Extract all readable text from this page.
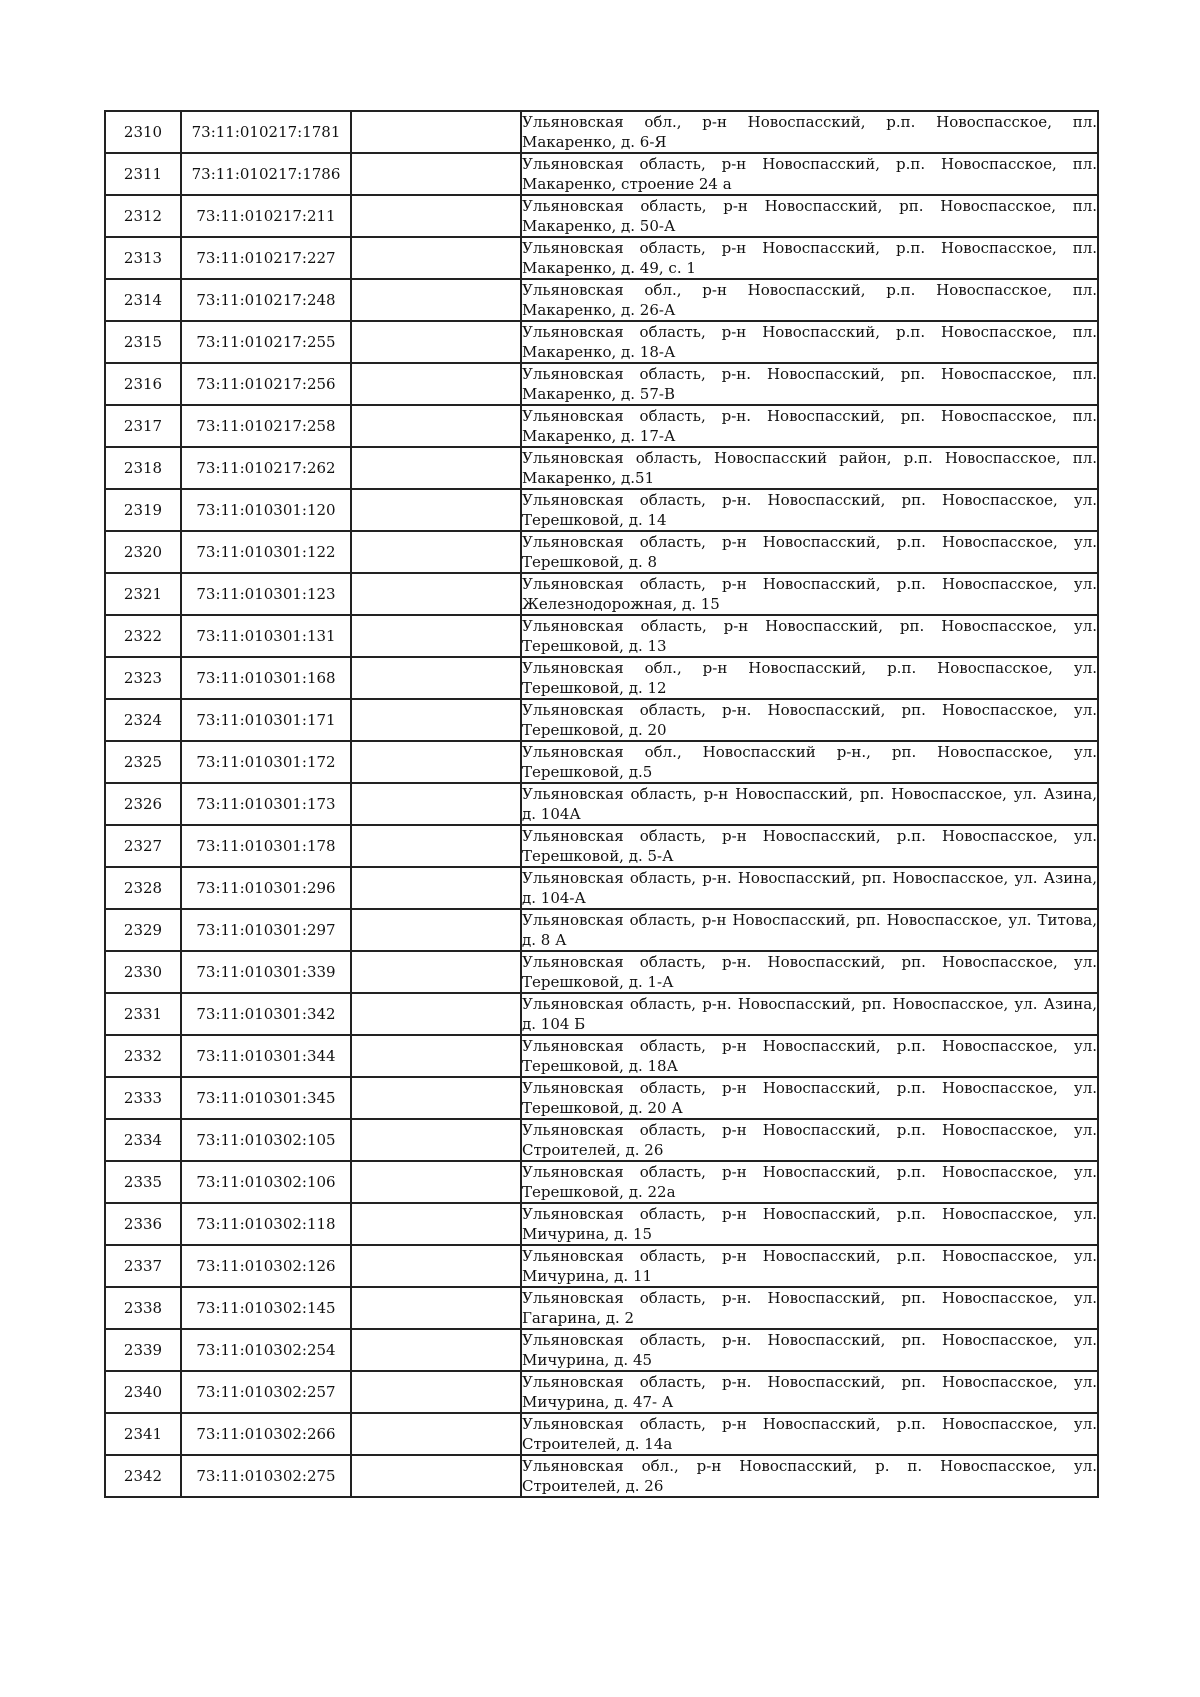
2310	73:11:010217:1781		Ульяновская обл., р-н Новоспасский, р.п. Новоспасское, пл. Макаренко, д. 6-Я
2311	73:11:010217:1786		Ульяновская область, р-н Новоспасский, р.п. Новоспасское, пл. Макаренко, строение 24 а
2312	73:11:010217:211		Ульяновская область, р-н Новоспасский, рп. Новоспасское, пл. Макаренко, д. 50-А
2313	73:11:010217:227		Ульяновская область, р-н Новоспасский, р.п. Новоспасское, пл. Макаренко, д. 49, с. 1
2314	73:11:010217:248		Ульяновская обл., р-н Новоспасский, р.п. Новоспасское, пл. Макаренко, д. 26-А
2315	73:11:010217:255		Ульяновская область, р-н Новоспасский, р.п. Новоспасское, пл. Макаренко, д. 18-А
2316	73:11:010217:256		Ульяновская область, р-н. Новоспасский, рп. Новоспасское, пл. Макаренко, д. 57-В
2317	73:11:010217:258		Ульяновская область, р-н. Новоспасский, рп. Новоспасское, пл. Макаренко, д. 17-А
2318	73:11:010217:262		Ульяновская область, Новоспасский район, р.п. Новоспасское, пл. Макаренко, д.51
2319	73:11:010301:120		Ульяновская область, р-н. Новоспасский, рп. Новоспасское, ул. Терешковой, д. 14
2320	73:11:010301:122		Ульяновская область, р-н Новоспасский, р.п. Новоспасское, ул. Терешковой, д. 8
2321	73:11:010301:123		Ульяновская область, р-н Новоспасский, р.п. Новоспасское, ул. Железнодорожная, д. 15
2322	73:11:010301:131		Ульяновская область, р-н Новоспасский, рп. Новоспасское, ул. Терешковой, д. 13
2323	73:11:010301:168		Ульяновская обл., р-н Новоспасский, р.п. Новоспасское, ул. Терешковой, д. 12
2324	73:11:010301:171		Ульяновская область, р-н. Новоспасский, рп. Новоспасское, ул. Терешковой, д. 20
2325	73:11:010301:172		Ульяновская обл., Новоспасский р-н., рп. Новоспасское, ул. Терешковой, д.5
2326	73:11:010301:173		Ульяновская область, р-н Новоспасский, рп. Новоспасское, ул. Азина, д. 104А
2327	73:11:010301:178		Ульяновская область, р-н Новоспасский, р.п. Новоспасское, ул. Терешковой, д. 5-А
2328	73:11:010301:296		Ульяновская область, р-н. Новоспасский, рп. Новоспасское, ул. Азина, д. 104-А
2329	73:11:010301:297		Ульяновская область, р-н Новоспасский, рп. Новоспасское, ул. Титова, д. 8 А
2330	73:11:010301:339		Ульяновская область, р-н. Новоспасский, рп. Новоспасское, ул. Терешковой, д. 1-А
2331	73:11:010301:342		Ульяновская область, р-н. Новоспасский, рп. Новоспасское, ул. Азина, д. 104 Б
2332	73:11:010301:344		Ульяновская область, р-н Новоспасский, р.п. Новоспасское, ул. Терешковой, д. 18А
2333	73:11:010301:345		Ульяновская область, р-н Новоспасский, р.п. Новоспасское, ул. Терешковой, д. 20 А
2334	73:11:010302:105		Ульяновская область, р-н Новоспасский, р.п. Новоспасское, ул. Строителей, д. 26
2335	73:11:010302:106		Ульяновская область, р-н Новоспасский, р.п. Новоспасское, ул. Терешковой, д. 22а
2336	73:11:010302:118		Ульяновская область, р-н Новоспасский, р.п. Новоспасское, ул. Мичурина, д. 15
2337	73:11:010302:126		Ульяновская область, р-н Новоспасский, р.п. Новоспасское, ул. Мичурина, д. 11
2338	73:11:010302:145		Ульяновская область, р-н. Новоспасский, рп. Новоспасское, ул. Гагарина, д. 2
2339	73:11:010302:254		Ульяновская область, р-н. Новоспасский, рп. Новоспасское, ул. Мичурина, д. 45
2340	73:11:010302:257		Ульяновская область, р-н. Новоспасский, рп. Новоспасское, ул. Мичурина, д. 47- А
2341	73:11:010302:266		Ульяновская область, р-н Новоспасский, р.п. Новоспасское, ул. Строителей, д. 14а
2342	73:11:010302:275		Ульяновская обл., р-н Новоспасский, р. п. Новоспасское, ул. Строителей, д. 26
